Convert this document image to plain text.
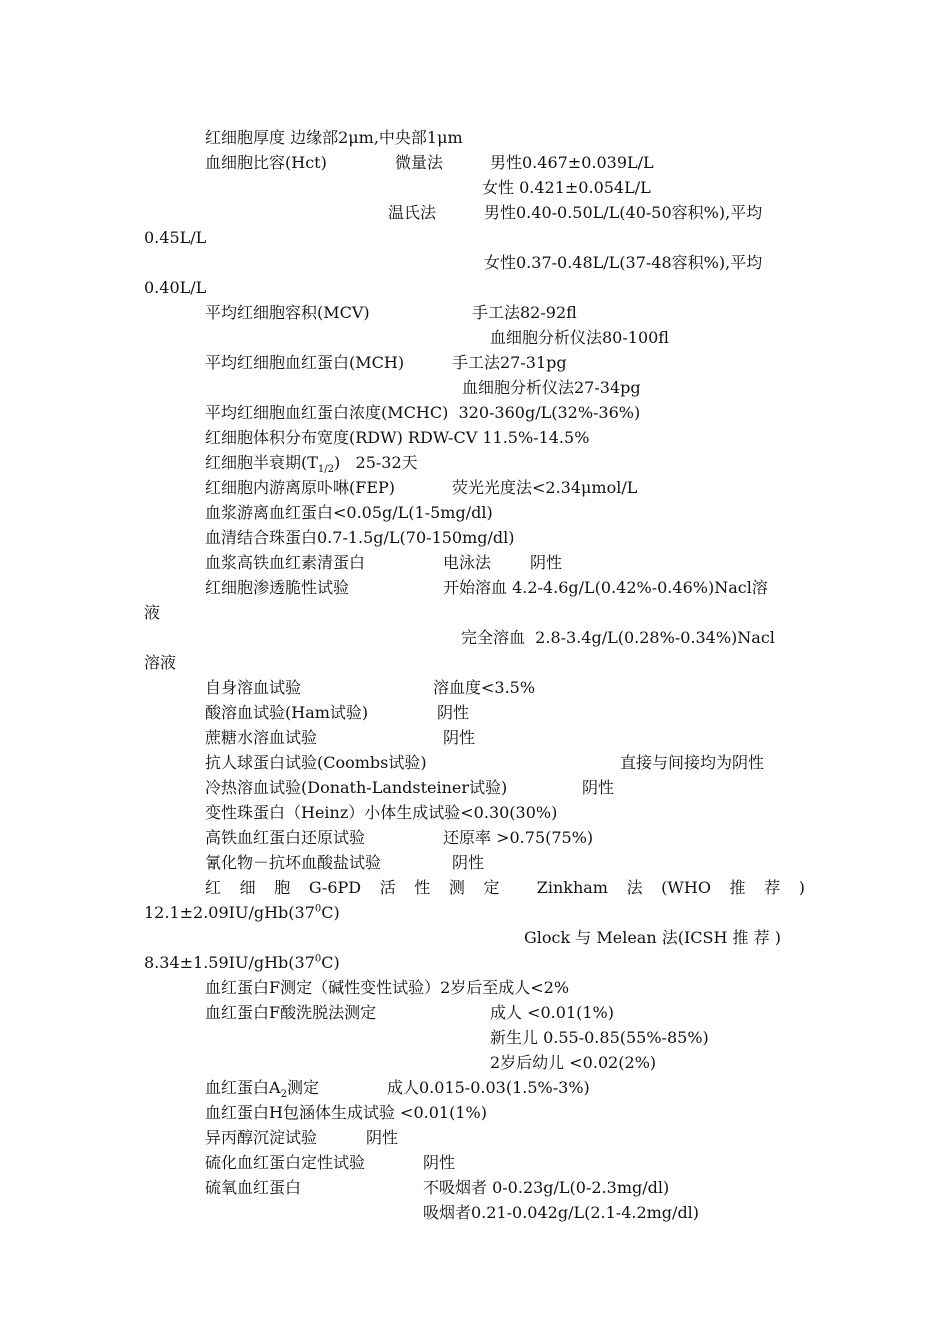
红细胞厚度 边缘部2μm,中央部1μm
血细胞比容(Hct)	微量法	男性0.467±0.039L/L
女性 0.421±0.054L/L
温氏法	男性0.40-0.50L/L(40-50容积%),平均
0.45L/L
女性0.37-0.48L/L(37-48容积%),平均
0.40L/L
平均红细胞容积(MCV)	手工法82-92fl
血细胞分析仪法80-100fl
平均红细胞血红蛋白(MCH)	手工法27-31pg
血细胞分析仪法27-34pg
平均红细胞血红蛋白浓度(MCHC)  320-360g/L(32%-36%)
红细胞体积分布宽度(RDW) RDW-CV 11.5%-14.5%
红细胞半衰期$(T_{1/2})$   25-32天
红细胞内游离原卟啉(FEP)	荧光光度法<2.34μmol/L
血浆游离血红蛋白<0.05g/L(1-5mg/dl)
血清结合珠蛋白0.7-1.5g/L(70-150mg/dl)
血浆高铁血红素清蛋白	电泳法 阴性
红细胞渗透脆性试验	开始溶血 4.2-4.6g/L(0.42%-0.46%)Nacl溶
液
完全溶血  2.8-3.4g/L(0.28%-0.34%)Nacl
溶液
自身溶血试验	溶血度<3.5%
酸溶血试验(Ham试验)	阴性
蔗糖水溶血试验	阴性
抗人球蛋白试验(Coombs试验)	直接与间接均为阴性
冷热溶血试验(Donath-Landsteiner试验)	阴性
变性珠蛋白（Heinz）小体生成试验<0.30(30%)
高铁血红蛋白还原试验	还原率 >0.75(75%)
氰化物－抗坏血酸盐试验	阴性
红 细 胞 G-6PD 活 性 测 定 Zinkham 法 (WHO 推 荐 )
$12.1\pm 2.09IU/gHb(37^0C)$
Glock 与 Melean 法(ICSH 推 荐 )
$8.34\pm 1.59IU/gHb(37^0C)$
血红蛋白F测定（碱性变性试验）2岁后至成人<2%
血红蛋白F酸洗脱法测定	成人 <0.01(1%)
新生儿 0.55-0.85(55%-85%)
2岁后幼儿 <0.02(2%)
血红蛋白$A_2$测定	成人0.015-0.03(1.5%-3%)
血红蛋白H包涵体生成试验 <0.01(1%)
异丙醇沉淀试验	阴性
硫化血红蛋白定性试验	阴性
硫氧血红蛋白	不吸烟者 0-0.23g/L(0-2.3mg/dl)
吸烟者0.21-0.042g/L(2.1-4.2mg/dl)
